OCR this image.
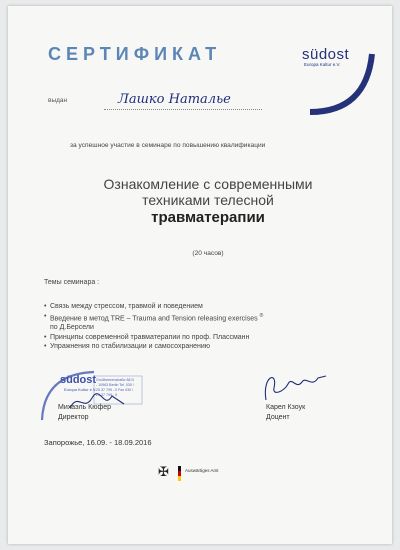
СЕРТИФИКАТ	südost
Europa Kultur e.V.
выдан	Лашко Наталье
за успешное участие в семинаре по повышению квалификации
Ознакомление с современными
техниками телесной
травматерапии
(20 часов)
Темы семинара :
• Связь между стрессом, травмой и поведением
• Введение в метод TRE – Trauma and Tension releasing exercises ®
по Д.Берсели
• Принципы современной травматерапии по проф. Плассманн
• Упражнения по стабилизации и самосохранению
südost
Europa Kultur e.V.
Großbeerenstraße 88 D - 10963 Berlin Tel. 030 / 25 37 799 - 0 Fax 030 / 25 37 799 - 9
Михаэль Кюфер
Директор
Карел Кзоук
Доцент
Запорожье, 16.09. - 18.09.2016
✠	Auswärtiges Amt
